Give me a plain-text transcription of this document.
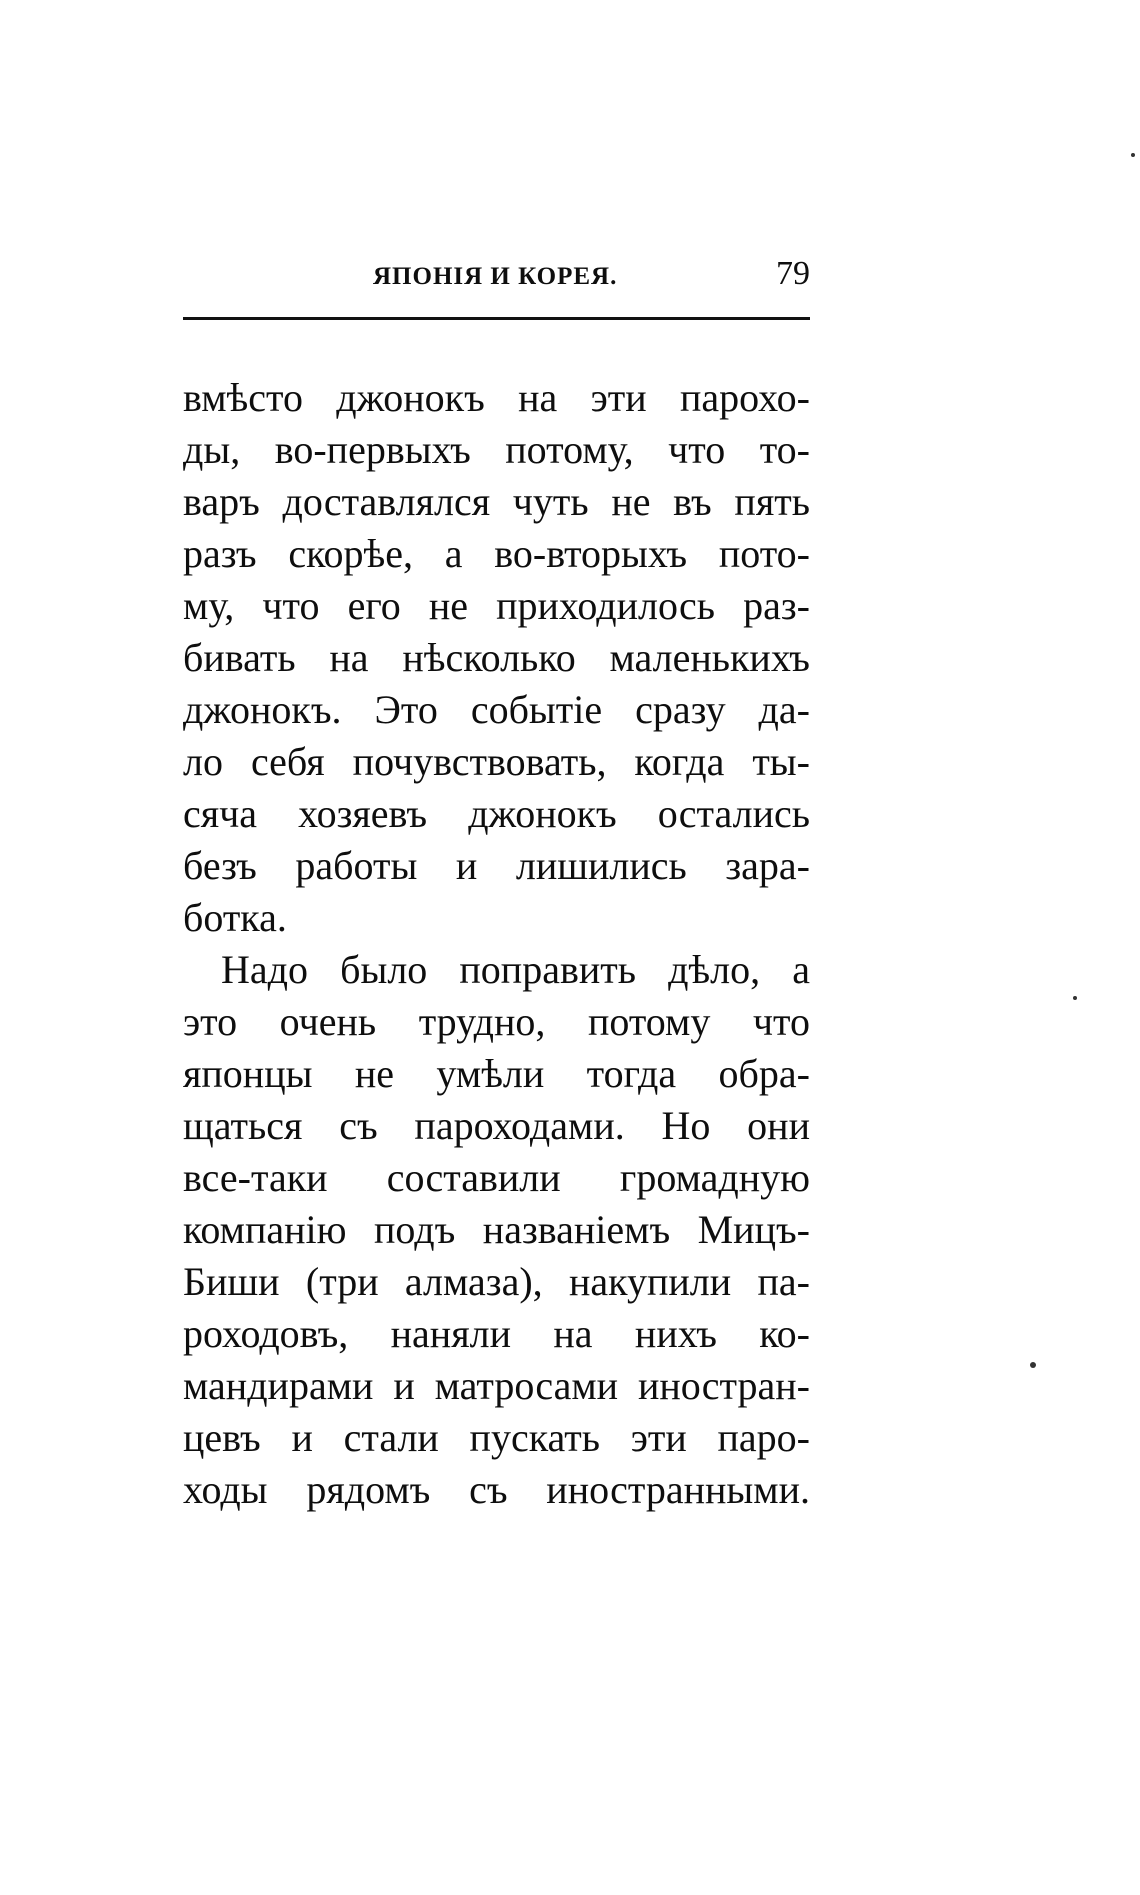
ЯПОНІЯ И КОРЕЯ.	79
вмѣсто джонокъ на эти парохо-
ды, во-первыхъ потому, что то-
варъ доставлялся чуть не въ пять
разъ скорѣе, а во-вторыхъ пото-
му, что его не приходилось раз-
бивать на нѣсколько маленькихъ
джонокъ. Это событіе сразу да-
ло себя почувствовать, когда ты-
сяча хозяевъ джонокъ остались
безъ работы и лишились зара-
ботка.
Надо было поправить дѣло, а
это очень трудно, потому что
японцы не умѣли тогда обра-
щаться съ пароходами. Но они
все-таки составили громадную
компанію подъ названіемъ Мицъ-
Биши (три алмаза), накупили па-
роходовъ, наняли на нихъ ко-
мандирами и матросами иностран-
цевъ и стали пускать эти паро-
ходы рядомъ съ иностранными.
